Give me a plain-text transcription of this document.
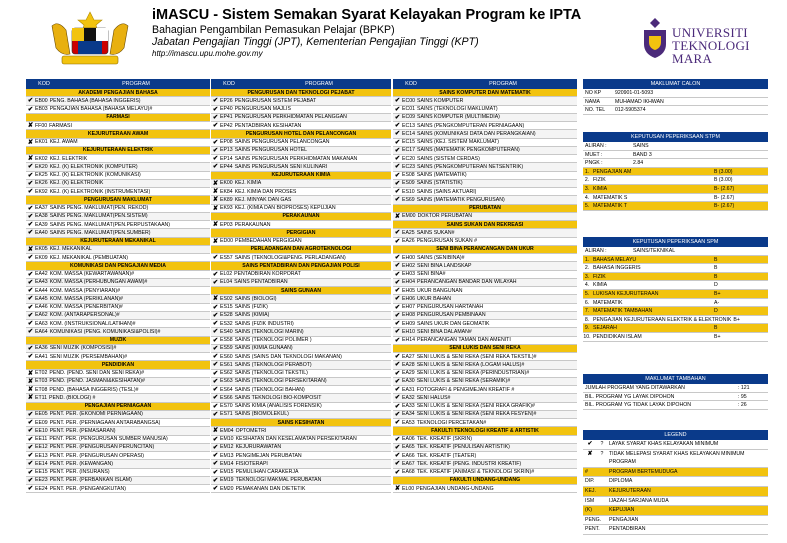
iMASCU - Sistem Semakan Syarat Kelayakan Program ke IPTA
Bahagian Pengambilan Pemasukan Pelajar (BPKP)
Jabatan Pengajian Tinggi (JPT), Kementerian Pengajian Tinggi (KPT)
http://imascu.upu.mohe.gov.my
UNIVERSITI
TEKNOLOGI
MARA
KOD	PROGRAM
AKADEMI PENGAJIAN BAHASA
✔ EB00 PENG. BAHASA (BAHASA INGGERIS)
✔ EB03 PENGAJIAN BAHASA (BAHASA MELAYU)#
FARMASI
✘ FF00 FARMASI
KEJURUTERAAN AWAM
✘ EK01 KEJ. AWAM
KEJURUTERAAN ELEKTRIK
✘ EK02 KEJ. ELEKTRIK
✔ EK20 KEJ. (K) ELEKTRONIK (KOMPUTER)
✔ EK25 KEJ. (K) ELEKTRONIK (KOMUNIKASI)
✔ EK26 KEJ. (K) ELEKTRONIK
✔ EK92 KEJ. (K) ELEKTRONIK (INSTRUMENTASI)
PENGURUSAN MAKLUMAT
✔ EA37 SAINS PENG. MAKLUMAT(PEN. REKOD)
✔ EA38 SAINS PENG. MAKLUMAT(PEN.SISTEM)
✔ EA39 SAINS PENG. MAKLUMAT(PEN.PERPUSTAKAAN)
✔ EA40 SAINS PENG. MAKLUMAT(PEN.SUMBER)
KEJURUTERAAN MEKANIKAL
✘ EK05 KEJ. MEKANIKAL
✔ EK09 KEJ. MEKANIKAL (PEMBUATAN)
KOMUNIKASI DAN PENGAJIAN MEDIA
✔ EA42 KOM. MASSA (KEWARTAWANAN)#
✔ EA43 KOM. MASSA (PERHUBUNGAN AWAM)#
✔ EA44 KOM. MASSA (PENYIARAN)#
✔ EA45 KOM. MASSA (PERIKLANAN)#
✔ EA46 KOM. MASSA (PENERBITAN)#
✔ EA62 KOM. (ANTARAPERSONAL)#
✔ EA63 KOM. (INSTRUKSIONAL/LATIHAN)#
✔ EA64 KOMUNIKASI (PENG. KOMUNIKASI&POLISI)#
MUZIK
✔ EA36 SENI MUZIK (KOMPOSISI)#
✔ EA41 SENI MUZIK (PERSEMBAHAN)#
PENDIDIKAN
✘ ET02 PEND. (PEND. SENI DAN SENI REKA)#
✘ ET03 PEND. (PEND. JASMANI&KESIHATAN)#
✘ ET08 PEND. (BAHASA INGGERIS) (TESL)#
✘ ET11 PEND. (BIOLOGI) #
PENGAJIAN PERNIAGAAN
✔ EE05 PENT. PER. (EKONOMI PERNIAGAAN)
✔ EE09 PENT. PER. (PERNIAGAAN ANTARABANGSA)
✔ EE10 PENT. PER. (PEMASARAN)
✔ EE11 PENT. PER. (PENGURUSAN SUMBER MANUSIA)
✔ EE12 PENT. PER. (PENGURUSAN PERUNCITAN)
✔ EE13 PENT. PER. (PENGURUSAN OPERASI)
✔ EE14 PENT. PER. (KEWANGAN)
✔ EE15 PENT. PER. (INSURANS)
✔ EE23 PENT. PER. (PERBANKAN ISLAM)
✔ EE24 PENT. PER. (PENGANGKUTAN)
KOD	PROGRAM
PENGURUSAN DAN TEKNOLOGI PEJABAT
✔ EP26 PENGURUSAN SISTEM PEJABAT
✔ EP40 PENGURUSAN MAJLIS
✔ EP41 PENGURUSAN PERKHIDMATAN PELANGGAN
✔ EP42 PENTADBIRAN KESIHATAN
PENGURUSAN HOTEL DAN PELANCONGAN
✔ EP08 SAINS PENGURUSAN PELANCONGAN
✔ EP13 SAINS PENGURUSAN HOTEL
✔ EP14 SAINS PENGURUSAN PERKHIDMATAN MAKANAN
✔ EP44 SAINS PENGURUSAN SENI KULINARI
KEJURUTERAAN KIMIA
✘ EK00 KEJ. KIMIA
✘ EK84 KEJ. KIMIA DAN PROSES
✘ EK89 KEJ. MINYAK DAN GAS
✘ EK93 KEJ. (KIMIA DAN BIOPROSES) KEPUJIAN
PERAKAUNAN
✘ EP03 PERAKAUNAN
PERGIGIAN
✘ ED00 PEMBEDAHAN PERGIGIAN
PERLADANGAN DAN AGROTEKNOLOGI
✔ ES57 SAINS (TEKNOLOGI&PENG. PERLADANGAN)
SAINS PENTADBIRAN DAN PENGAJIAN POLISI
✔ EL02 PENTADBIRAN KORPORAT
✔ EL04 SAINS PENTADBIRAN
SAINS GUNAAN
✘ ES02 SAINS (BIOLOGI)
✔ ES15 SAINS (FIZIK)
✔ ES28 SAINS (KIMIA)
✔ ES32 SAINS (FIZIK INDUSTRI)
✔ ES40 SAINS (TEKNOLOGI MARIN)
✔ ES58 SAINS (TEKNOLOGI POLIMER )
✔ ES59 SAINS (KIMIA GUNAAN)
✔ ES60 SAINS (SAINS DAN TEKNOLOGI MAKANAN)
✔ ES61 SAINS (TEKNOLOGI PERABOT)
✔ ES62 SAINS (TEKNOLOGI TEKSTIL)
✔ ES63 SAINS (TEKNOLOGI PERSEKITARAN)
✔ ES64 SAINS (TEKNOLOGI BAHAN)
✔ ES66 SAINS TEKNOLOGI BIO-KOMPOSIT
✔ ES70 SAINS KIMIA (ANALISIS FORENSIK)
✔ ES71 SAINS (BIOMOLEKUL)
SAINS KESIHATAN
✘ EM04 OPTOMETRI
✔ EM10 KESIHATAN DAN KESELAMATAN PERSEKITARAN
✔ EM12 KEJURURAWATAN
✔ EM13 PENGIMEJAN PERUBATAN
✔ EM14 FISIOTERAPI
✔ EM15 PEMULIHAN CARAKERJA
✔ EM19 TEKNOLOGI MAKMAL PERUBATAN
✔ EM20 PEMAKANAN DAN DIETETIK
KOD	PROGRAM
SAINS KOMPUTER DAN MATEMATIK
✔ EC00 SAINS KOMPUTER
✔ EC01 SAINS (TEKNOLOGI MAKLUMAT)
✔ EC09 SAINS KOMPUTER (MULTIMEDIA)
✔ EC13 SAINS (PENGKOMPUTERAN PERNIAGAAN)
✔ EC14 SAINS (KOMUNIKASI DATA DAN PERANGKAIAN)
✔ EC15 SAINS (KEJ. SISTEM MAKLUMAT)
✔ EC17 SAINS (MATEMATIK PENGKOMPUTERAN)
✔ EC20 SAINS (SISTEM CERDAS)
✔ EC23 SAINS (PENGKOMPUTERAN NETSENTRIK)
✔ ES08 SAINS (MATEMATIK)
✔ ES09 SAINS (STATISTIK)
✔ ES10 SAINS (SAINS AKTUARI)
✔ ES69 SAINS (MATEMATIK PENGURUSAN)
PERUBATAN
✘ EM00 DOKTOR PERUBATAN
SAINS SUKAN DAN REKREASI
✔ EA25 SAINS SUKAN#
✔ EA26 PENGURUSAN SUKAN #
SENI BINA PERANCANGAN DAN UKUR
✔ EH00 SAINS (SENIBINA)#
✔ EH02 SENI BINA LANDSKAP
✔ EH03 SENI BINA#
✔ EH04 PERANCANGAN BANDAR DAN WILAYAH
✔ EH05 UKUR BANGUNAN
✔ EH06 UKUR BAHAN
✔ EH07 PENGURUSAN HARTANAH
✔ EH08 PENGURUSAN PEMBINAAN
✔ EH09 SAINS UKUR DAN GEOMATIK
✔ EH10 SENI BINA DALAMAN#
✔ EH14 PERANCANGAN TAMAN DAN AMENITI
SENI LUKIS DAN SENI REKA
✔ EA27 SENI LUKIS & SENI REKA (SENI REKA TEKSTIL)#
✔ EA28 SENI LUKIS & SENI REKA (LOGAM HALUS)#
✔ EA29 SENI LUKIS & SENI REKA (PERINDUSTRIAN)#
✔ EA30 SENI LUKIS & SENI REKA (SERAMIK)#
✔ EA31 FOTOGRAFI & PENGIMEJAN KREATIF #
✔ EA32 SENI HALUS#
✔ EA33 SENI LUKIS & SENI REKA (SENI REKA GRAFIK)#
✔ EA34 SENI LUKIS & SENI REKA (SENI REKA FESYEN)#
✔ EA53 TEKNOLOGI PERCETAKAN#
FAKULTI TEKNOLOGI KREATIF & ARTISTIK
✔ EA06 TEK. KREATIF (SKRIN)
✔ EA65 TEK. KREATIF (PENULISAN ARTISTIK)
✔ EA66 TEK. KREATIF (TEATER)
✔ EA67 TEK. KREATIF (PENG. INDUSTRI KREATIF)
✔ EA68 TEK. KREATIF (ANIMASI & TEKNOLOGI SKRIN)#
FAKULTI UNDANG-UNDANG
✘ EL00 PENGAJIAN UNDANG-UNDANG
MAKLUMAT CALON
NO KP	920901-01-5093
NAMA	MUHAMAD IKHWAN
NO. TEL	012-5905374
KEPUTUSAN PEPERIKSAAN STPM
ALIRAN :	SAINS
MUET :	BAND 3
PNGK :	2.84
1. PENGAJIAN AM	B (3.00)
2. FIZIK	B (3.00)
3. KIMIA	B- (2.67)
4. MATEMATIK S	B- (2.67)
5. MATEMATIK T	B- (2.67)
KEPUTUSAN PEPERIKSAAN SPM
ALIRAN :	SAINS/TEKNIKAL
1. BAHASA MELAYU	B
2. BAHASA INGGERIS	B
3. FIZIK	B
4. KIMIA	D
5. LUKISAN KEJURUTERAAN	B+
6. MATEMATIK	A-
7. MATEMATIK TAMBAHAN	D
8. PENGAJIAN KEJURUTERAAN ELEKTRIK & ELEKTRONIK B+
9. SEJARAH	B
10. PENDIDIKAN ISLAM	B+
MAKLUMAT TAMBAHAN
JUMLAH PROGRAM YANG DITAWARKAN	: 121
BIL. PROGRAM YG LAYAK DIPOHON	: 95
BIL. PROGRAM YG TIDAK LAYAK DIPOHON	: 26
LEGEND
✔	?	LAYAK SYARAT KHAS KELAYAKAN MINIMUM
✘	?	TIDAK MELEPASI SYARAT KHAS KELAYAKAN MINIMUM PROGRAM
#	PROGRAM BERTEMUDUGA
DIP.	DIPLOMA
KEJ.	KEJURUTERAAN
ISM	IJAZAH SARJANA MUDA
(K)	KEPUJIAN
PENG.	PENGAJIAN
PENT.	PENTADBIRAN
